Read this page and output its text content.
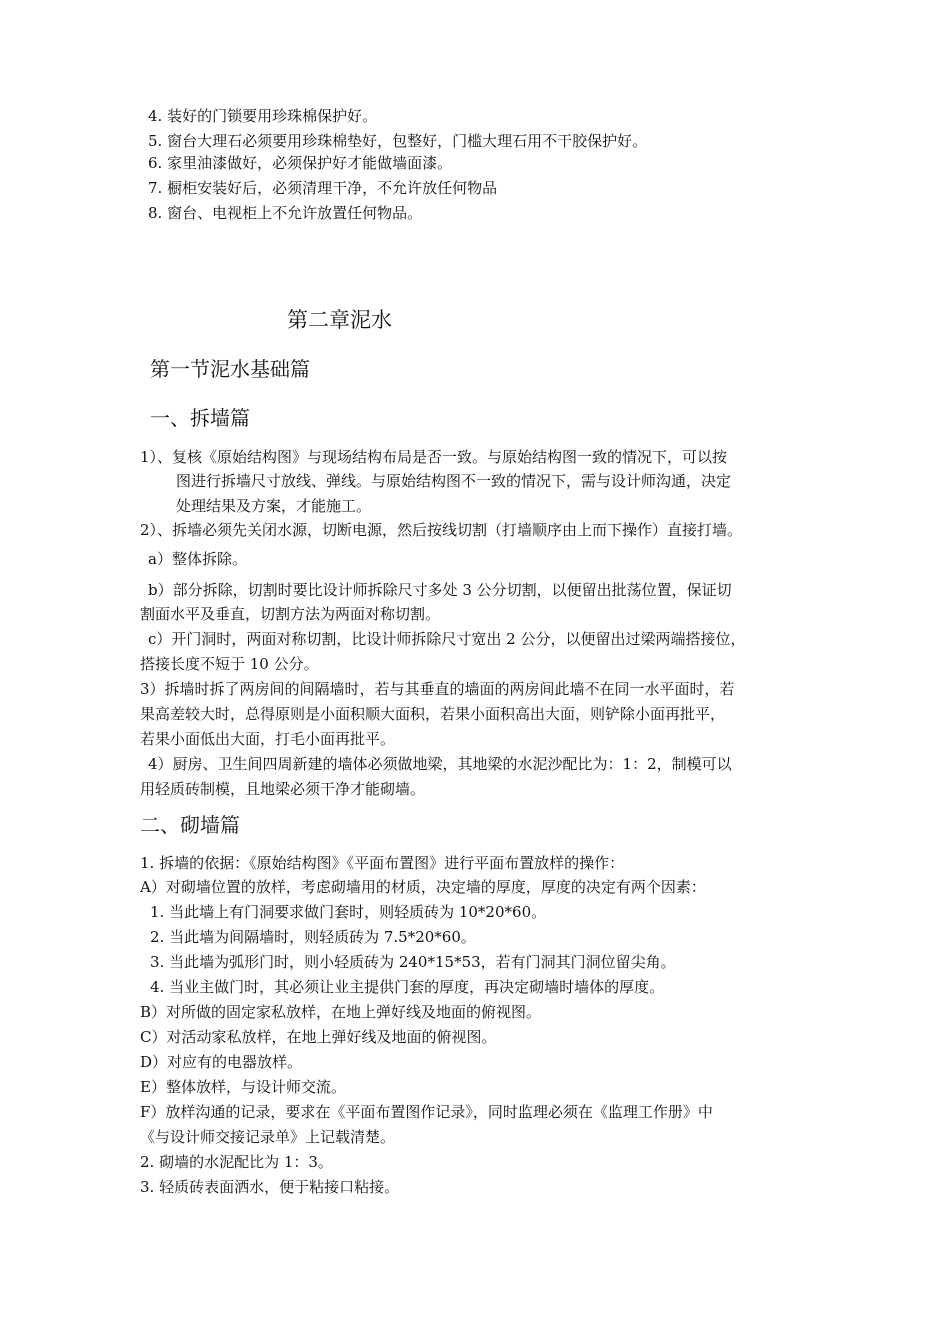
4. 装好的门锁要用珍珠棉保护好。
5. 窗台大理石必须要用珍珠棉垫好，包整好，门槛大理石用不干胶保护好。
6. 家里油漆做好，必须保护好才能做墙面漆。
7. 橱柜安装好后，必须清理干净，不允许放任何物品
8. 窗台、电视柜上不允许放置任何物品。
第二章泥水
第一节泥水基础篇
一、拆墙篇
1）、复核《原始结构图》与现场结构布局是否一致。与原始结构图一致的情况下，可以按
图进行拆墙尺寸放线、弹线。与原始结构图不一致的情况下，需与设计师沟通，决定
处理结果及方案，才能施工。
2）、拆墙必须先关闭水源，切断电源，然后按线切割（打墙顺序由上而下操作）直接打墙。
a）整体拆除。
b）部分拆除，切割时要比设计师拆除尺寸多处 3 公分切割，以便留出批荡位置，保证切
割面水平及垂直，切割方法为两面对称切割。
c）开门洞时，两面对称切割，比设计师拆除尺寸宽出 2 公分，以便留出过梁两端搭接位，
搭接长度不短于 10 公分。
3）拆墙时拆了两房间的间隔墙时，若与其垂直的墙面的两房间此墙不在同一水平面时，若
果高差较大时，总得原则是小面积顺大面积，若果小面积高出大面，则铲除小面再批平，
若果小面低出大面，打毛小面再批平。
4）厨房、卫生间四周新建的墙体必须做地梁，其地梁的水泥沙配比为：1：2，制模可以
用轻质砖制模，且地梁必须干净才能砌墙。
二、砌墙篇
1. 拆墙的依据：《原始结构图》《平面布置图》进行平面布置放样的操作：
A）对砌墙位置的放样，考虑砌墙用的材质，决定墙的厚度，厚度的决定有两个因素：
1. 当此墙上有门洞要求做门套时，则轻质砖为 10*20*60。
2. 当此墙为间隔墙时，则轻质砖为 7.5*20*60。
3. 当此墙为弧形门时，则小轻质砖为 240*15*53，若有门洞其门洞位留尖角。
4. 当业主做门时，其必须让业主提供门套的厚度，再决定砌墙时墙体的厚度。
B）对所做的固定家私放样，在地上弹好线及地面的俯视图。
C）对活动家私放样，在地上弹好线及地面的俯视图。
D）对应有的电器放样。
E）整体放样，与设计师交流。
F）放样沟通的记录，要求在《平面布置图作记录》，同时监理必须在《监理工作册》中
《与设计师交接记录单》上记载清楚。
2. 砌墙的水泥配比为 1：3。
3. 轻质砖表面洒水，便于粘接口粘接。
